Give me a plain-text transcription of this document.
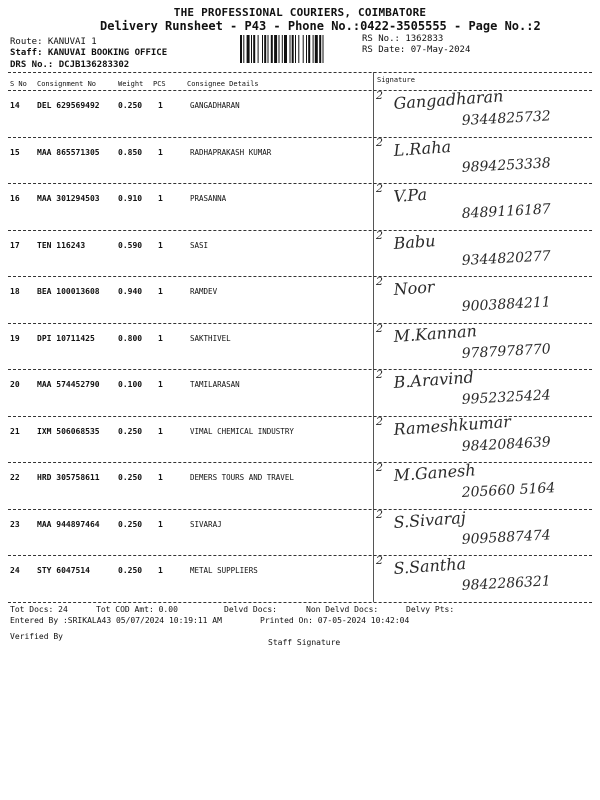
THE PROFESSIONAL COURIERS, COIMBATORE
Delivery Runsheet - P43 - Phone No.:0422-3505555 - Page No.:2
Route: KANUVAI 1
Staff: KANUVAI BOOKING OFFICE
DRS No.: DCJB136283302
RS No.: 1362833
RS Date: 07-May-2024
S No Consignment No	Weight PCS	Consignee Details	Signature
14 DEL 629569492 0.250 1	GANGADHARAN
2 Gangadharan
9344825732
15 MAA 865571305 0.850 1	RADHAPRAKASH KUMAR
2 L.Raha
9894253338
16 MAA 301294503 0.910 1	PRASANNA
2 V.Pa
8489116187
17 TEN 116243	0.590 1	SASI
2 Babu
9344820277
18 BEA 100013608 0.940 1	RAMDEV
2 Noor
9003884211
19 DPI 10711425	0.800 1	SAKTHIVEL
2 M.Kannan
9787978770
20 MAA 574452790 0.100 1	TAMILARASAN
2 B.Aravind
9952325424
21 IXM 506068535 0.250 1	VIMAL CHEMICAL INDUSTRY
2 Rameshkumar
9842084639
22 HRD 305758611 0.250 1	DEMERS TOURS AND TRAVEL
2 M.Ganesh
205660 5164
23 MAA 944897464 0.250 1	SIVARAJ
2 S.Sivaraj
9095887474
24 STY 6047514	0.250 1	METAL SUPPLIERS
2 S.Santha
9842286321
Tot Docs: 24	Tot COD Amt: 0.00	Delvd Docs:	Non Delvd Docs:	Delvy Pts:
Entered By :SRIKALA43 05/07/2024 10:19:11 AM	Printed On: 07-05-2024 10:42:04
Verified By
Staff Signature
